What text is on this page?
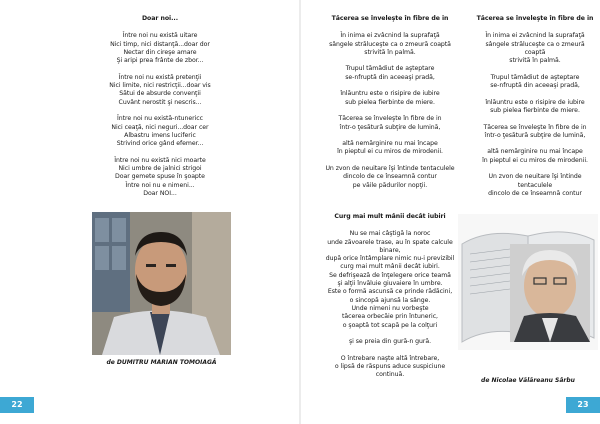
Doar noi...
Între noi nu există uitare
Nici timp, nici distanţă...doar dor
Nectar din cireşe amare
Şi aripi prea frânte de zbor...
Între noi nu există pretenţii
Nici limite, nici restricţii...doar vis
Sătui de absurde convenţii
Cuvânt nerostit şi nescris...
Între noi nu există-ntunericc
Nici ceaţă, nici neguri...doar cer
Albastru imens luciferic
Strivind orice gând efemer...
Între noi nu există nici moarte
Nici umbre de jalnici strigoi
Doar gemete spuse în şoapte
Între noi nu e nimeni...
Doar NOI...
de DUMITRU MARIAN TOMOIAGĂ
Tăcerea se înveleşte în fibre de in
În inima ei zvâcnind la suprafaţă
sângele străluceşte ca o zmeură coaptă
strivită în palmă.
Trupul tămâdiut de aşteptare
se-nfruptă din aceeaşi pradă,
înlăuntru este o risipire de iubire
sub pielea fierbinte de miere.
Tăcerea se înveleşte în fibre de in
într-o ţesătură subţire de lumină,
altă nemărginire nu mai încape
în pieptul ei cu miros de mirodenii.
Un zvon de neuitare îşi întinde tentaculele
dincolo de ce înseamnă contur
pe văile pădurilor nopţii.
Curg mai mult mânii decât iubiri
Nu se mai câştigă la noroc
unde zăvoarele trase, au în spate calcule
binare,
după orice întâmplare nimic nu-i previzibil
curg mai mult mânii decât iubiri.
Se defrişează de înţelegere orice teamă
şi alţii învăluie giuvaiere în umbre.
Este o formă ascunsă ce prinde rădăcini,
o sincopă ajunsă la sânge.
Unde nimeni nu vorbeşte
tăcerea orbecăie prin întuneric,
o şoaptă tot scapă pe la colţuri
şi se preia din gură-n gură.
O întrebare naşte altă întrebare,
o lipsă de răspuns aduce suspiciune
continuă.
Tăcerea se înveleşte în fibre de in
În inima ei zvâcnind la suprafaţă
sângele străluceşte ca o zmeură
coaptă
strivită în palmă.
Trupul tămâdiut de aşteptare
se-nfruptă din aceeaşi pradă,
înlăuntru este o risipire de iubire
sub pielea fierbinte de miere.
Tăcerea se înveleşte în fibre de in
într-o ţesătură subţire de lumină,
altă nemărginire nu mai încape
în pieptul ei cu miros de mirodenii.
Un zvon de neuitare îşi întinde
tentaculele
dincolo de ce înseamnă contur
de Nicolae Vălăreanu Sârbu
22	23
